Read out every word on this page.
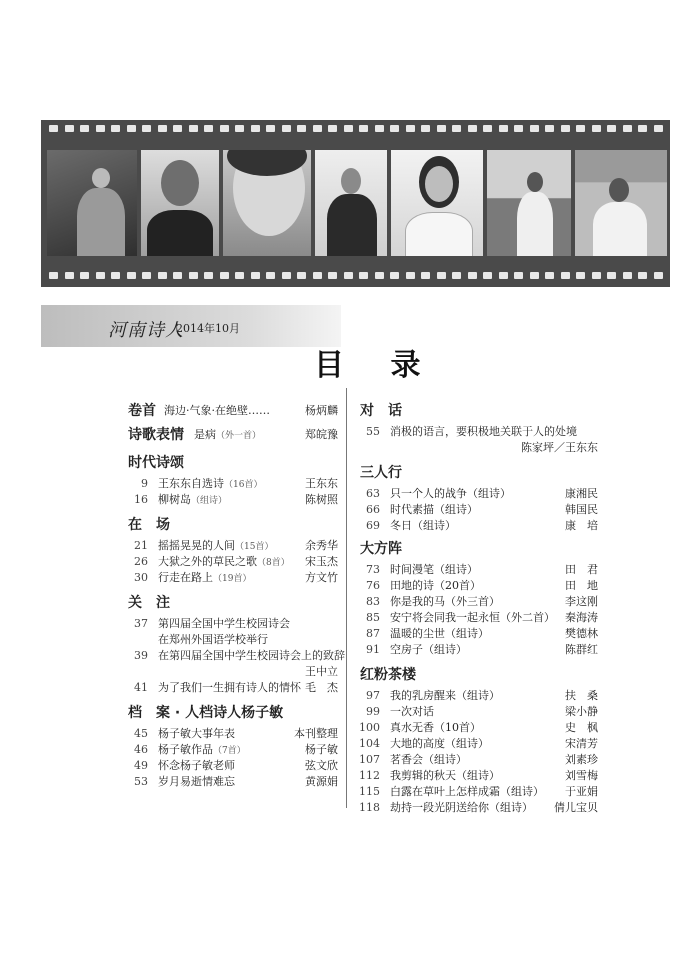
河南诗人
2014年10月
目 录
卷首 海边·气象·在绝壁……	杨炳麟
诗歌表情 是病（外一首）	郑皖豫
时代诗颂
9 王东东自选诗（16首）	王东东
16 柳树岛（组诗）	陈树照
在　场
21 摇摇晃晃的人间（15首）	余秀华
26 大狱之外的草民之歌（8首） 宋玉杰
30 行走在路上（19首）	方文竹
关　注
37 第四届全国中学生校园诗会
在郑州外国语学校举行
39 在第四届全国中学生校园诗会上的致辞
王中立
41 为了我们一生拥有诗人的情怀 毛　杰
档　案 · 人档诗人杨子敏
45 杨子敏大事年表	本刊整理
46 杨子敏作品（7首）	杨子敏
49 怀念杨子敏老师	弦文欣
53 岁月易逝情难忘	黄源娟
对　话
55 消极的语言，要积极地关联于人的处境
陈家坪／王东东
三人行
63 只一个人的战争（组诗）	康湘民
66 时代素描（组诗）	韩国民
69 冬日（组诗）	康　培
大方阵
73 时间漫笔（组诗）	田　君
76 田地的诗（20首）	田　地
83 你是我的马（外三首）	李这刚
85 安宁将会同我一起永恒（外二首） 秦海涛
87 温暖的尘世（组诗）	樊德林
91 空房子（组诗）	陈群红
红粉茶楼
97 我的乳房醒来（组诗）	扶　桑
99 一次对话	梁小静
100 真水无香（10首）	史　枫
104 大地的高度（组诗）	宋清芳
107 茗香会（组诗）	刘素珍
112 我剪辑的秋天（组诗）	刘雪梅
115 白露在草叶上怎样成霜（组诗） 于亚娟
118 劫持一段光阴送给你（组诗） 倩儿宝贝
